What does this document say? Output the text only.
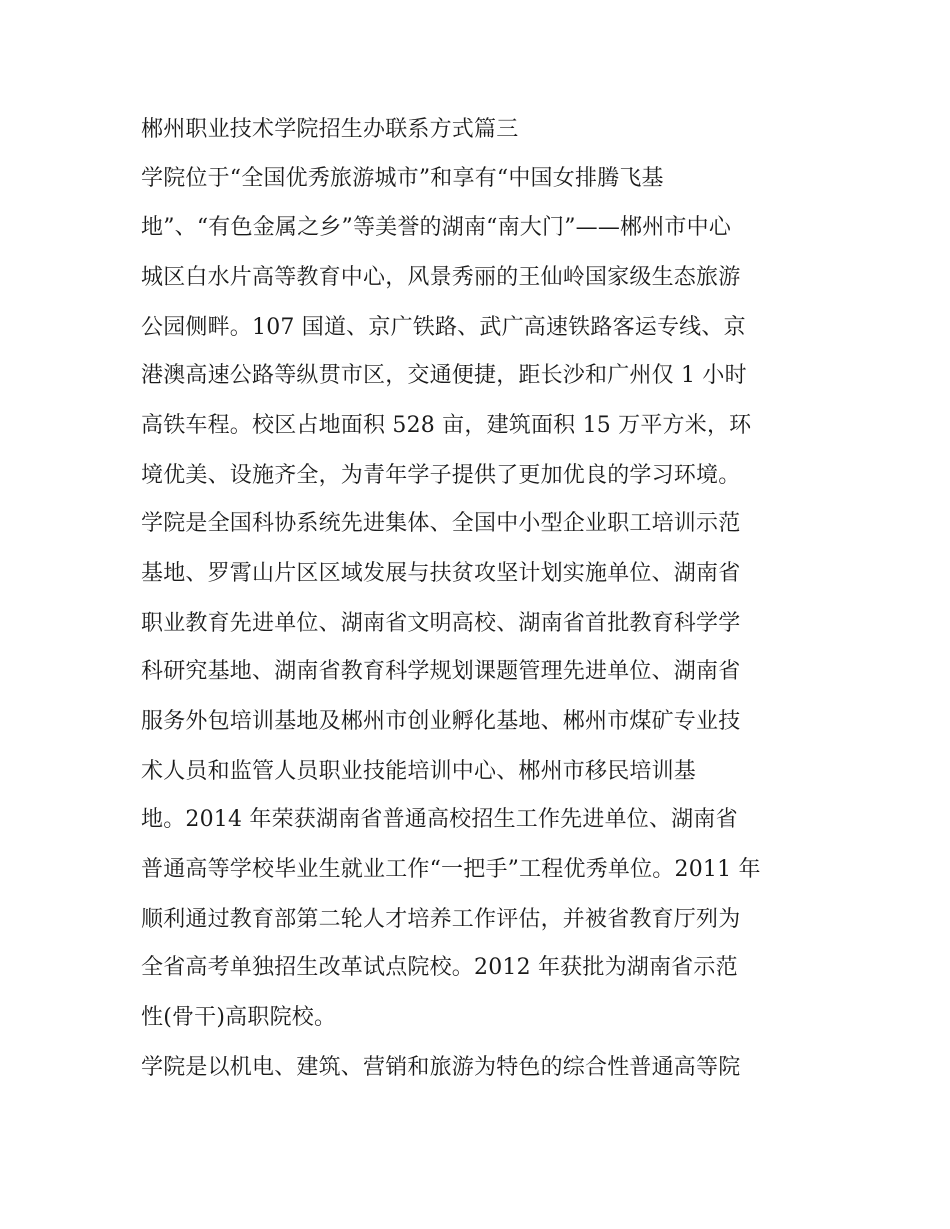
郴州职业技术学院招生办联系方式篇三
学院位于“全国优秀旅游城市”和享有“中国女排腾飞基
地”、“有色金属之乡”等美誉的湖南“南大门”——郴州市中心
城区白水片高等教育中心，风景秀丽的王仙岭国家级生态旅游
公园侧畔。107 国道、京广铁路、武广高速铁路客运专线、京
港澳高速公路等纵贯市区，交通便捷，距长沙和广州仅 1 小时
高铁车程。校区占地面积 528 亩，建筑面积 15 万平方米，环
境优美、设施齐全，为青年学子提供了更加优良的学习环境。
学院是全国科协系统先进集体、全国中小型企业职工培训示范
基地、罗霄山片区区域发展与扶贫攻坚计划实施单位、湖南省
职业教育先进单位、湖南省文明高校、湖南省首批教育科学学
科研究基地、湖南省教育科学规划课题管理先进单位、湖南省
服务外包培训基地及郴州市创业孵化基地、郴州市煤矿专业技
术人员和监管人员职业技能培训中心、郴州市移民培训基
地。2014 年荣获湖南省普通高校招生工作先进单位、湖南省
普通高等学校毕业生就业工作“一把手”工程优秀单位。2011 年
顺利通过教育部第二轮人才培养工作评估，并被省教育厅列为
全省高考单独招生改革试点院校。2012 年获批为湖南省示范
性(骨干)高职院校。
学院是以机电、建筑、营销和旅游为特色的综合性普通高等院
